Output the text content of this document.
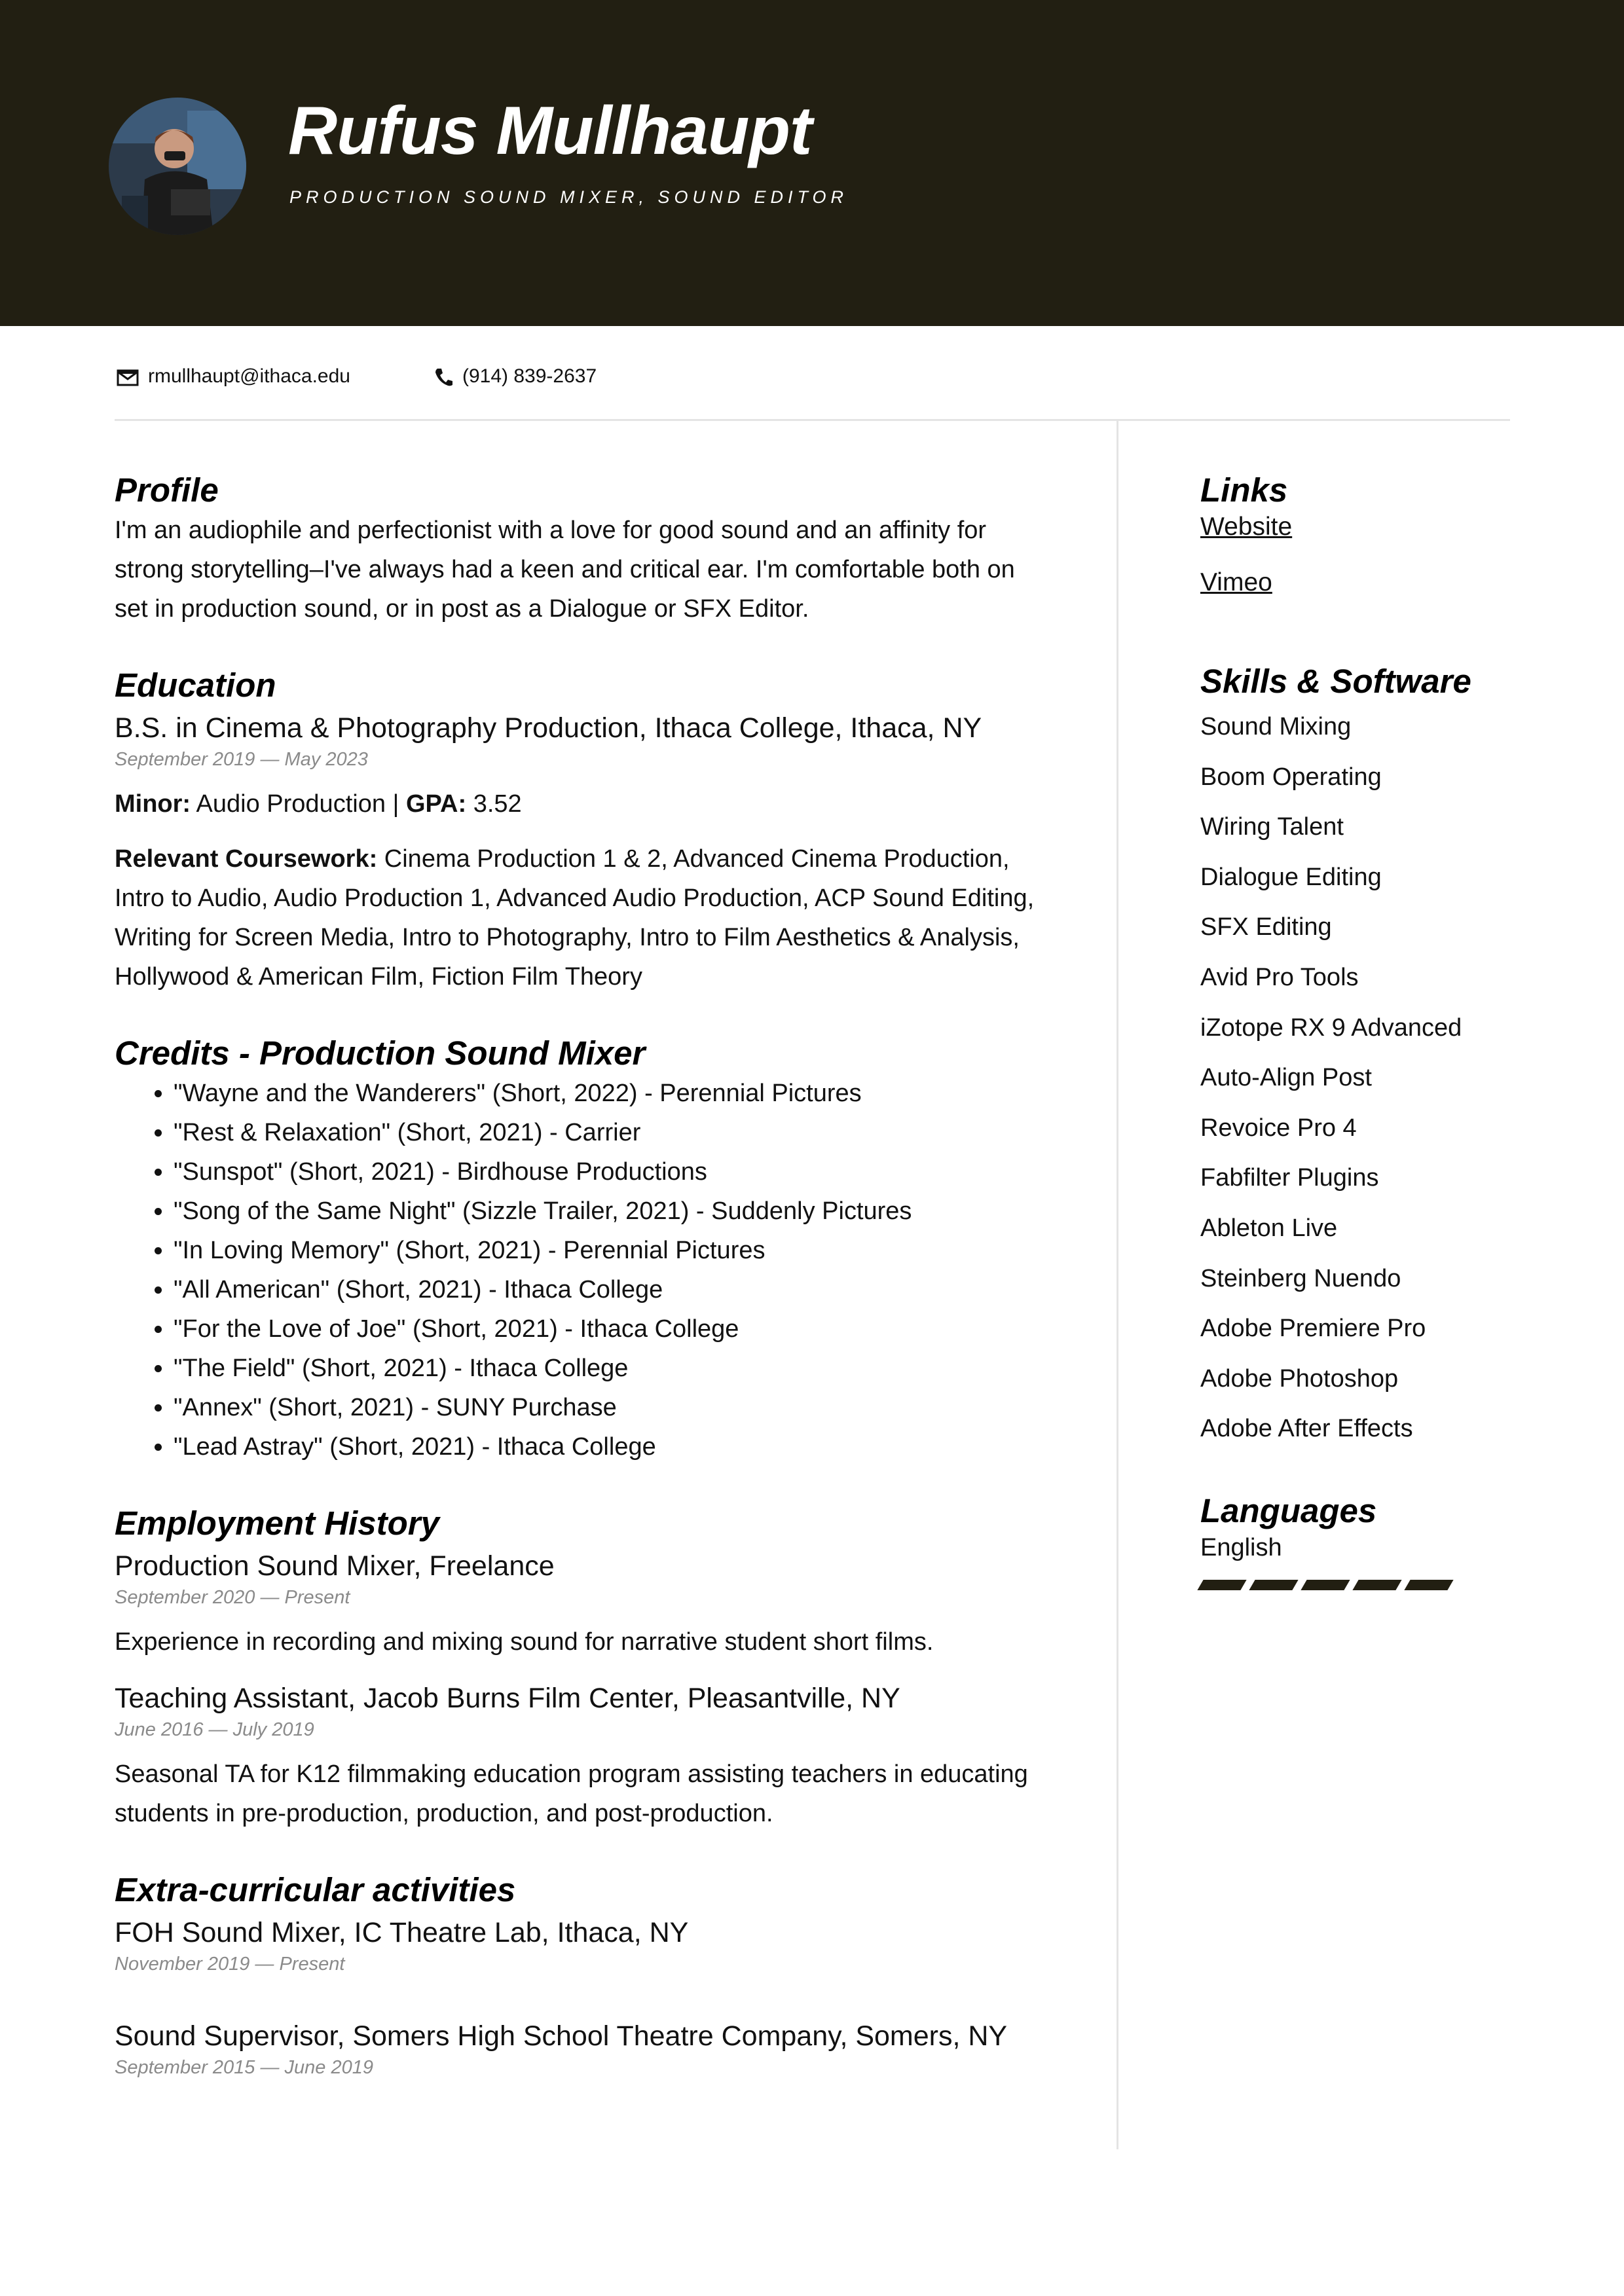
Rufus Mullhaupt
PRODUCTION SOUND MIXER, SOUND EDITOR
rmullhaupt@ithaca.edu	(914) 839-2637
Profile

I'm an audiophile and perfectionist with a love for good sound and an affinity for strong storytelling–I've always had a keen and critical ear. I'm comfortable both on set in production sound, or in post as a Dialogue or SFX Editor.

Education

B.S. in Cinema & Photography Production, Ithaca College, Ithaca, NY

September 2019 — May 2023

Minor: Audio Production | GPA: 3.52

Relevant Coursework: Cinema Production 1 & 2, Advanced Cinema Production, Intro to Audio, Audio Production 1, Advanced Audio Production, ACP Sound Editing, Writing for Screen Media, Intro to Photography, Intro to Film Aesthetics & Analysis, Hollywood & American Film, Fiction Film Theory

Credits - Production Sound Mixer
• "Wayne and the Wanderers" (Short, 2022) - Perennial Pictures
• "Rest & Relaxation" (Short, 2021) - Carrier
• "Sunspot" (Short, 2021) - Birdhouse Productions
• "Song of the Same Night" (Sizzle Trailer, 2021) - Suddenly Pictures
• "In Loving Memory" (Short, 2021) - Perennial Pictures
• "All American" (Short, 2021) - Ithaca College
• "For the Love of Joe" (Short, 2021) - Ithaca College
• "The Field" (Short, 2021) - Ithaca College
• "Annex" (Short, 2021) - SUNY Purchase
• "Lead Astray" (Short, 2021) - Ithaca College
Employment History

Production Sound Mixer, Freelance

September 2020 — Present

Experience in recording and mixing sound for narrative student short films.

Teaching Assistant, Jacob Burns Film Center, Pleasantville, NY

June 2016 — July 2019

Seasonal TA for K12 filmmaking education program assisting teachers in educating students in pre-production, production, and post-production.

Extra-curricular activities

FOH Sound Mixer, IC Theatre Lab, Ithaca, NY

November 2019 — Present

Sound Supervisor, Somers High School Theatre Company, Somers, NY

September 2015 — June 2019

Links
Website
Vimeo
Skills & Software
Sound Mixing
Boom Operating
Wiring Talent
Dialogue Editing
SFX Editing
Avid Pro Tools
iZotope RX 9 Advanced
Auto-Align Post
Revoice Pro 4
Fabfilter Plugins
Ableton Live
Steinberg Nuendo
Adobe Premiere Pro
Adobe Photoshop
Adobe After Effects
Languages
English
